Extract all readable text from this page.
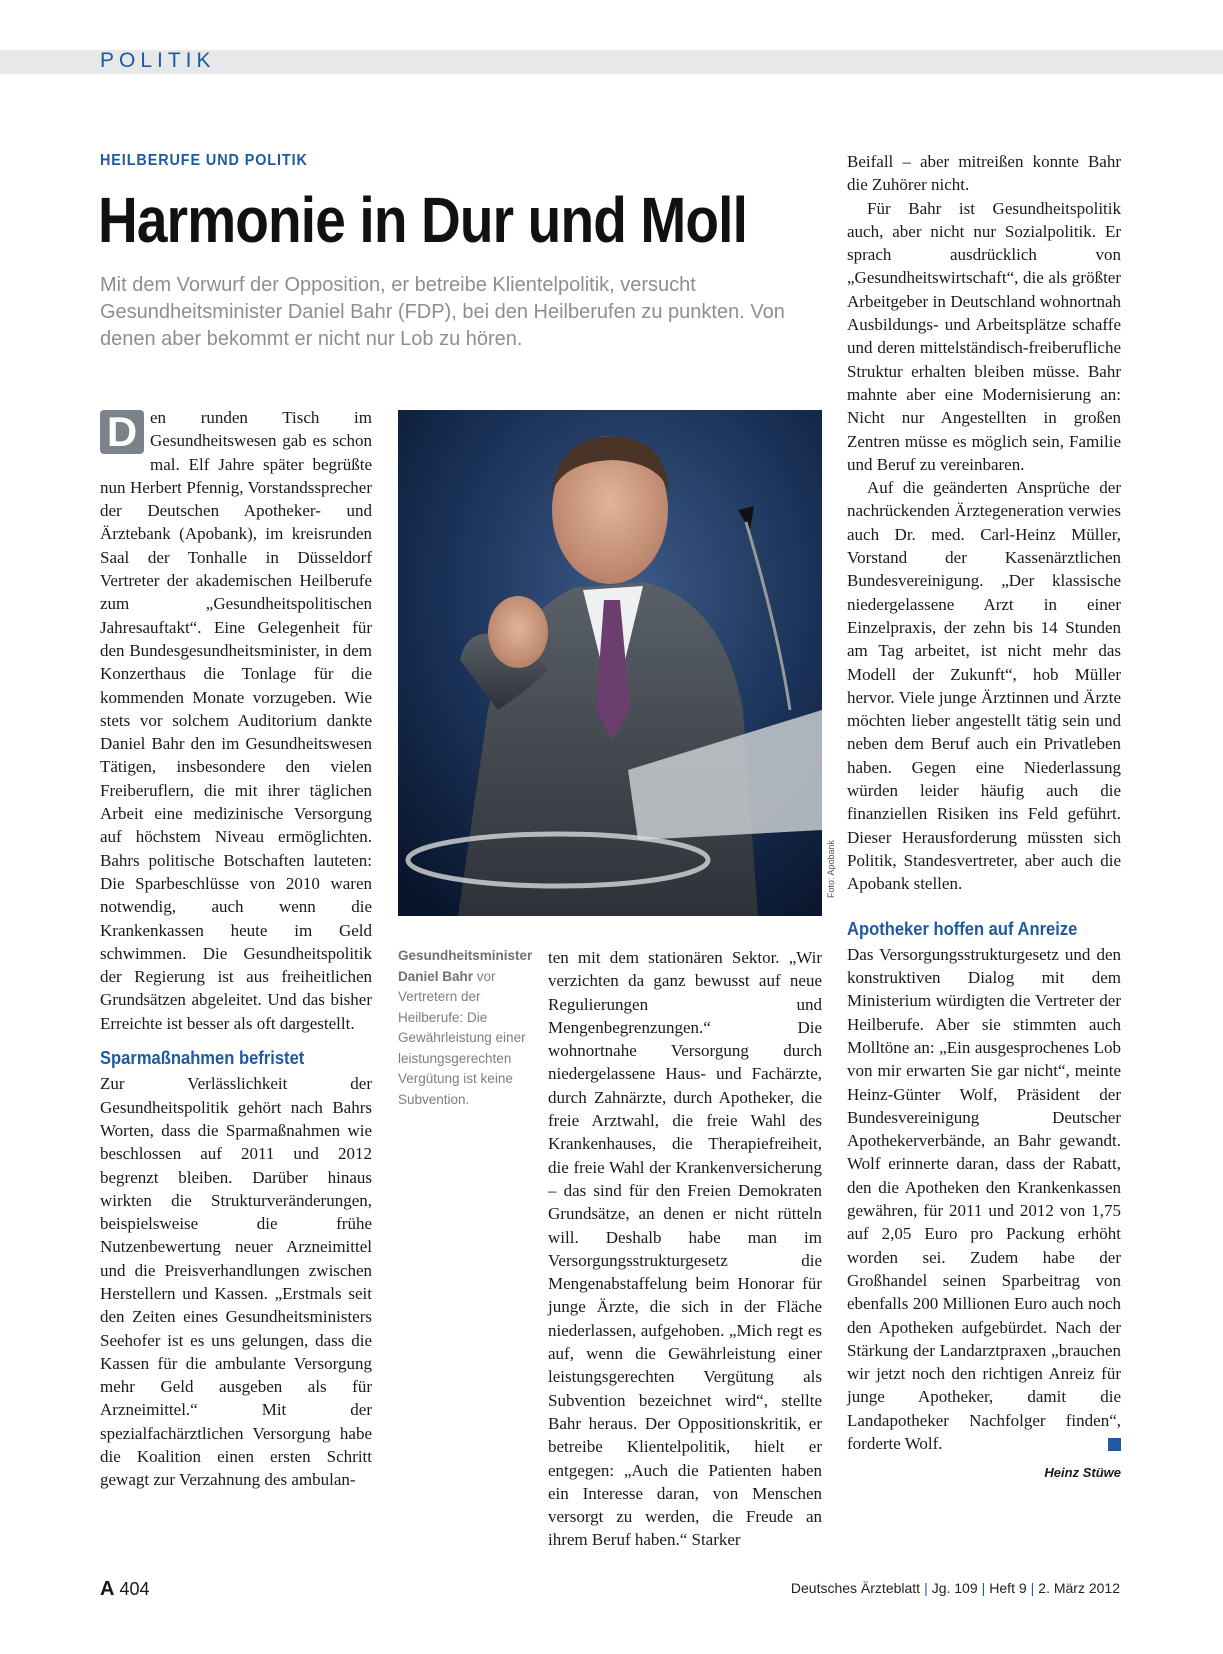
POLITIK
HEILBERUFE UND POLITIK
Harmonie in Dur und Moll

Mit dem Vorwurf der Opposition, er betreibe Klientelpolitik, versucht Gesundheitsminister Daniel Bahr (FDP), bei den Heilberufen zu punkten. Von denen aber bekommt er nicht nur Lob zu hören.

D en runden Tisch im Gesundheitswesen gab es schon mal. Elf Jahre später begrüßte nun Herbert Pfennig, Vorstandssprecher der Deutschen Apotheker- und Ärztebank (Apobank), im kreisrunden Saal der Tonhalle in Düsseldorf Vertreter der akademischen Heilberufe zum „Gesundheitspolitischen Jahresauftakt“. Eine Gelegenheit für den Bundesgesundheitsminister, in dem Konzerthaus die Tonlage für die kommenden Monate vorzugeben. Wie stets vor solchem Auditorium dankte Daniel Bahr den im Gesundheitswesen Tätigen, insbesondere den vielen Freiberuflern, die mit ihrer täglichen Arbeit eine medizinische Versorgung auf höchstem Niveau ermöglichten. Bahrs politische Botschaften lauteten: Die Sparbeschlüsse von 2010 waren notwendig, auch wenn die Krankenkassen heute im Geld schwimmen. Die Gesundheitspolitik der Regierung ist aus freiheitlichen Grundsätzen abgeleitet. Und das bisher Erreichte ist besser als oft dargestellt.

Sparmaßnahmen befristet

Zur Verlässlichkeit der Gesundheitspolitik gehört nach Bahrs Worten, dass die Sparmaßnahmen wie beschlossen auf 2011 und 2012 begrenzt bleiben. Darüber hinaus wirkten die Strukturveränderungen, beispielsweise die frühe Nutzenbewertung neuer Arzneimittel und die Preisverhandlungen zwischen Herstellern und Kassen. „Erstmals seit den Zeiten eines Gesundheitsministers Seehofer ist es uns gelungen, dass die Kassen für die ambulante Versorgung mehr Geld ausgeben als für Arzneimittel.“ Mit der spezialfachärztlichen Versorgung habe die Koalition einen ersten Schritt gewagt zur Verzahnung des ambulan-

Foto: Apobank
Gesundheitsminister Daniel Bahr vor Vertretern der Heilberufe: Die Gewährleistung einer leistungsgerechten Vergütung ist keine Subvention.

ten mit dem stationären Sektor. „Wir verzichten da ganz bewusst auf neue Regulierungen und Mengenbegrenzungen.“ Die wohnortnahe Versorgung durch niedergelassene Haus- und Fachärzte, durch Zahnärzte, durch Apotheker, die freie Arztwahl, die freie Wahl des Krankenhauses, die Therapiefreiheit, die freie Wahl der Krankenversicherung – das sind für den Freien Demokraten Grundsätze, an denen er nicht rütteln will. Deshalb habe man im Versorgungsstrukturgesetz die Mengenabstaffelung beim Honorar für junge Ärzte, die sich in der Fläche niederlassen, aufgehoben. „Mich regt es auf, wenn die Gewährleistung einer leistungsgerechten Vergütung als Subvention bezeichnet wird“, stellte Bahr heraus. Der Oppositionskritik, er betreibe Klientelpolitik, hielt er entgegen: „Auch die Patienten haben ein Interesse daran, von Menschen versorgt zu werden, die Freude an ihrem Beruf haben.“ Starker

Beifall – aber mitreißen konnte Bahr die Zuhörer nicht.

Für Bahr ist Gesundheitspolitik auch, aber nicht nur Sozialpolitik. Er sprach ausdrücklich von „Gesundheitswirtschaft“, die als größter Arbeitgeber in Deutschland wohnortnah Ausbildungs- und Arbeitsplätze schaffe und deren mittelständisch-freiberufliche Struktur erhalten bleiben müsse. Bahr mahnte aber eine Modernisierung an: Nicht nur Angestellten in großen Zentren müsse es möglich sein, Familie und Beruf zu vereinbaren.

Auf die geänderten Ansprüche der nachrückenden Ärztegeneration verwies auch Dr. med. Carl-Heinz Müller, Vorstand der Kassenärztlichen Bundesvereinigung. „Der klassische niedergelassene Arzt in einer Einzelpraxis, der zehn bis 14 Stunden am Tag arbeitet, ist nicht mehr das Modell der Zukunft“, hob Müller hervor. Viele junge Ärztinnen und Ärzte möchten lieber angestellt tätig sein und neben dem Beruf auch ein Privatleben haben. Gegen eine Niederlassung würden leider häufig auch die finanziellen Risiken ins Feld geführt. Dieser Herausforderung müssten sich Politik, Standesvertreter, aber auch die Apobank stellen.

Apotheker hoffen auf Anreize

Das Versorgungsstrukturgesetz und den konstruktiven Dialog mit dem Ministerium würdigten die Vertreter der Heilberufe. Aber sie stimmten auch Molltöne an: „Ein ausgesprochenes Lob von mir erwarten Sie gar nicht“, meinte Heinz-Günter Wolf, Präsident der Bundesvereinigung Deutscher Apothekerverbände, an Bahr gewandt. Wolf erinnerte daran, dass der Rabatt, den die Apotheken den Krankenkassen gewähren, für 2011 und 2012 von 1,75 auf 2,05 Euro pro Packung erhöht worden sei. Zudem habe der Großhandel seinen Sparbeitrag von ebenfalls 200 Millionen Euro auch noch den Apotheken aufgebürdet. Nach der Stärkung der Landarztpraxen „brauchen wir jetzt noch den richtigen Anreiz für junge Apotheker, damit die Landapotheker Nachfolger finden“, forderte Wolf.

Heinz Stüwe
A 404	Deutsches Ärzteblatt | Jg. 109 | Heft 9 | 2. März 2012
